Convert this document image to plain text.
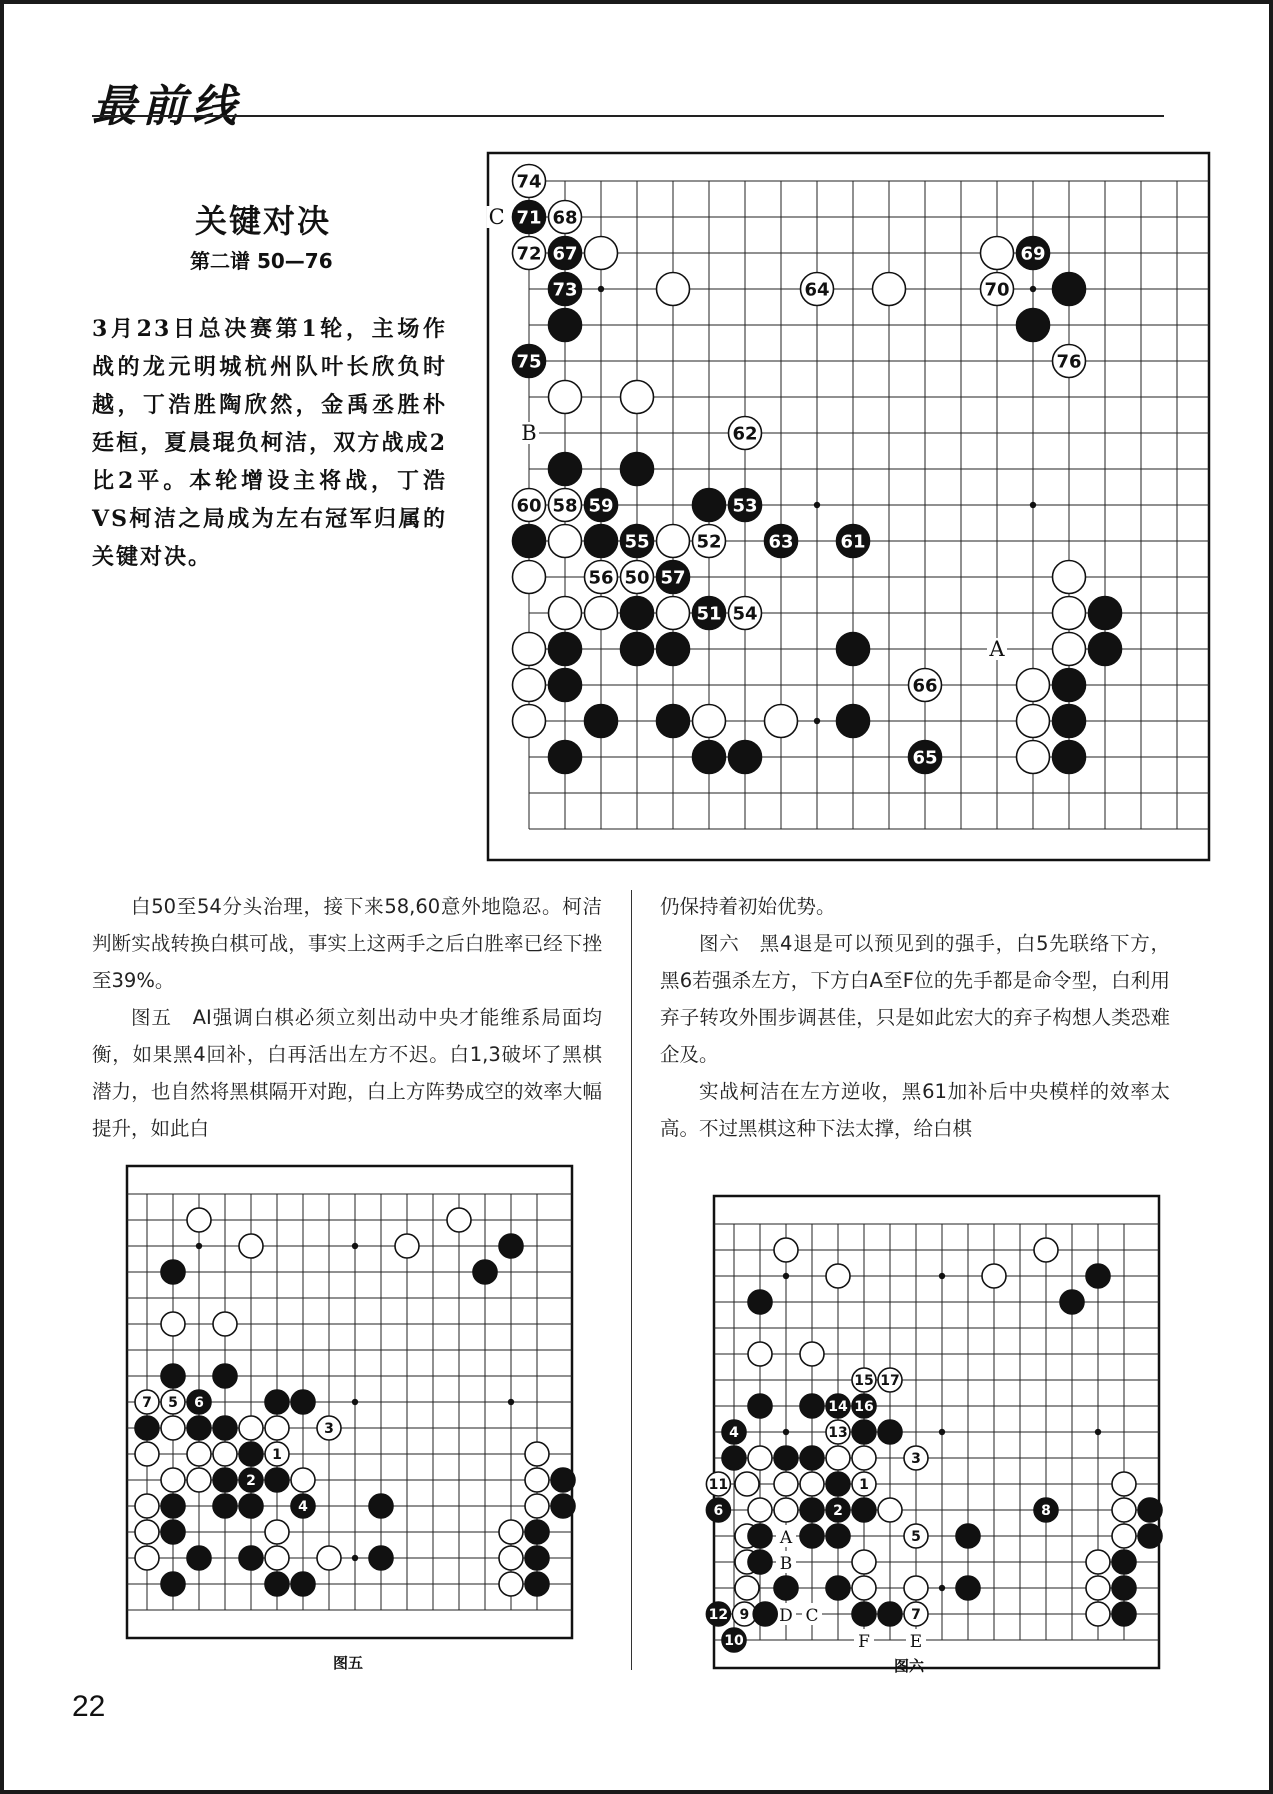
最前线
C
B
A
74
71 68
72 67	69
73	64	70
75	76
62
60 58 59	53
55	52	63	61
56 50 57
51 54
66
65
关键对决
第二谱 50—76
3月23日总决赛第1轮，主场作战的龙元明城杭州队叶长欣负时越，丁浩胜陶欣然，金禹丞胜朴廷桓，夏晨琨负柯洁，双方战成2比2平。本轮增设主将战，丁浩VS柯洁之局成为左右冠军归属的关键对决。

白50至54分头治理，接下来58,60意外地隐忍。柯洁判断实战转换白棋可战，事实上这两手之后白胜率已经下挫至39%。

图五　AI强调白棋必须立刻出动中央才能维系局面均衡，如果黑4回补，白再活出左方不迟。白1,3破坏了黑棋潜力，也自然将黑棋隔开对跑，白上方阵势成空的效率大幅提升，如此白

仍保持着初始优势。

图六　黑4退是可以预见到的强手，白5先联络下方，黑6若强杀左方，下方白A至F位的先手都是命令型，白利用弃子转攻外围步调甚佳，只是如此宏大的弃子构想人类恐难企及。

实战柯洁在左方逆收，黑61加补后中央模样的效率太高。不过黑棋这种下法太撑，给白棋

7 5 6
3
1
2
4
图五
A
B
D C
F E
15 17
14 16
4	13
3
11	1
6	2	8
5
12 9	7
10
图六
22
